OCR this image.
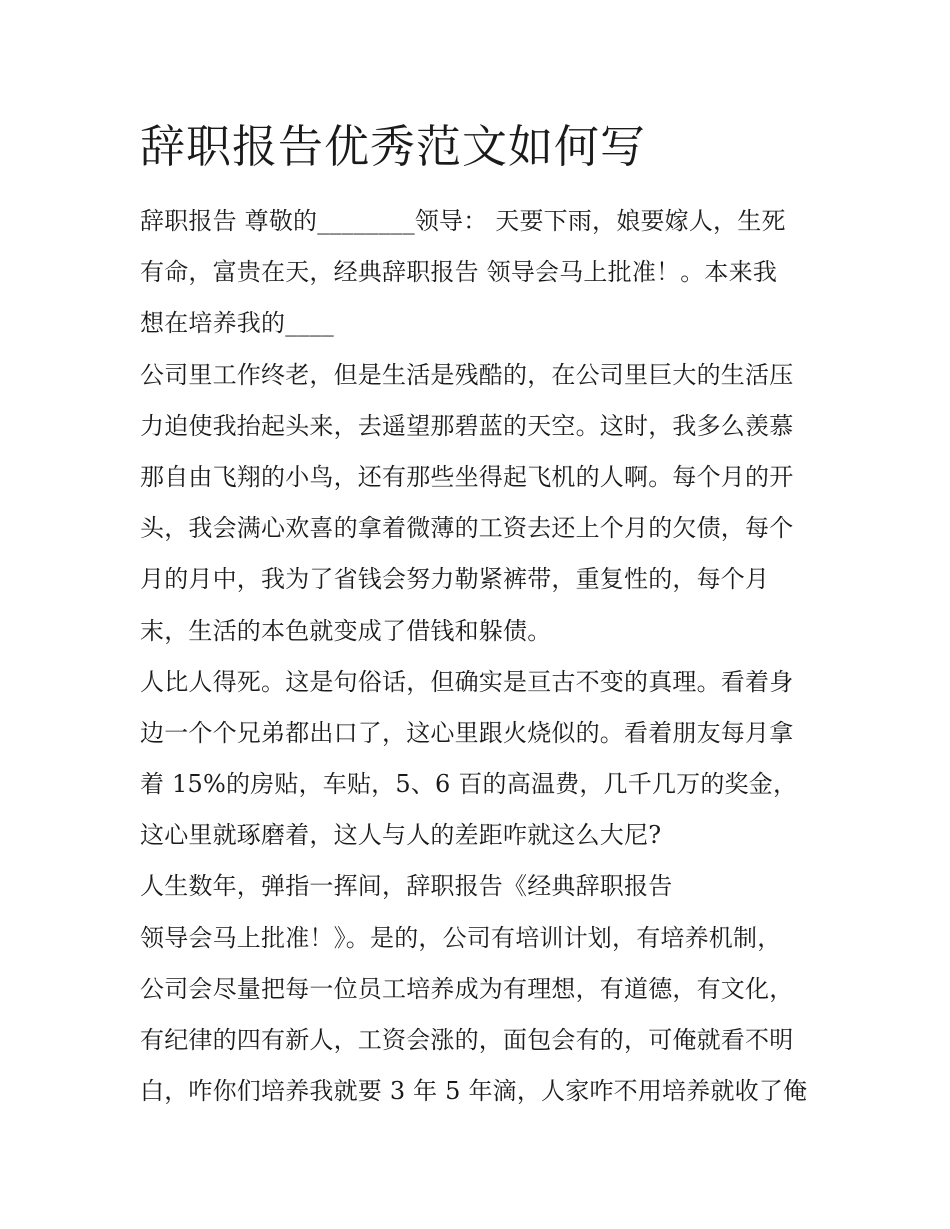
辞职报告优秀范文如何写
辞职报告 尊敬的________领导： 天要下雨，娘要嫁人，生死
有命，富贵在天，经典辞职报告 领导会马上批准！。本来我
想在培养我的____
公司里工作终老，但是生活是残酷的，在公司里巨大的生活压
力迫使我抬起头来，去遥望那碧蓝的天空。这时，我多么羡慕
那自由飞翔的小鸟，还有那些坐得起飞机的人啊。每个月的开
头，我会满心欢喜的拿着微薄的工资去还上个月的欠债，每个
月的月中，我为了省钱会努力勒紧裤带，重复性的，每个月
末，生活的本色就变成了借钱和躲债。
人比人得死。这是句俗话，但确实是亘古不变的真理。看着身
边一个个兄弟都出口了，这心里跟火烧似的。看着朋友每月拿
着 15%的房贴，车贴，5、6 百的高温费，几千几万的奖金，
这心里就琢磨着，这人与人的差距咋就这么大尼?
人生数年，弹指一挥间，辞职报告《经典辞职报告
领导会马上批准！》。是的，公司有培训计划，有培养机制，
公司会尽量把每一位员工培养成为有理想，有道德，有文化，
有纪律的四有新人，工资会涨的，面包会有的，可俺就看不明
白，咋你们培养我就要 3 年 5 年滴，人家咋不用培养就收了俺
